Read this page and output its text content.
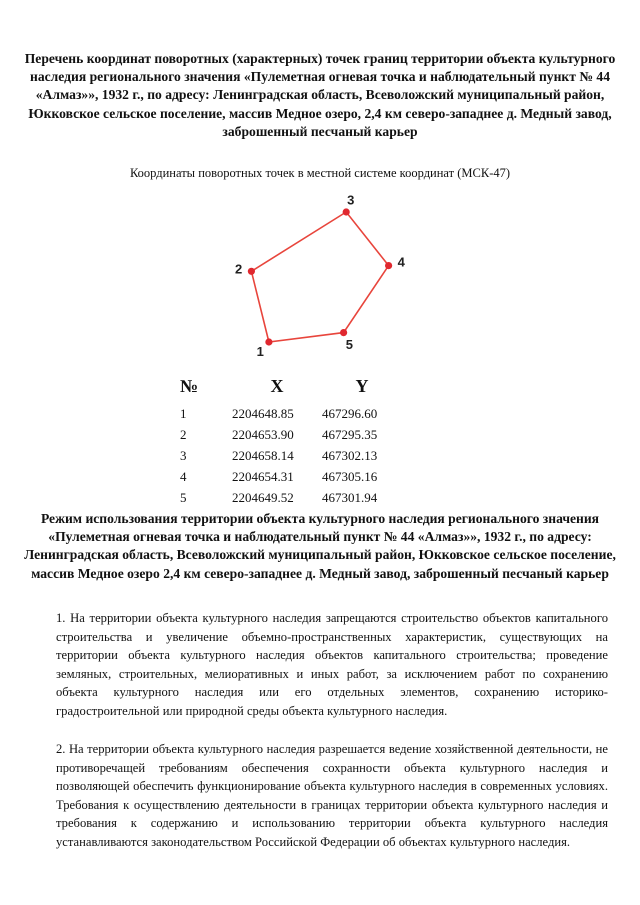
Перечень координат поворотных (характерных) точек границ территории объекта культурного наследия регионального значения «Пулеметная огневая точка и наблюдательный пункт № 44 «Алмаз»», 1932 г., по адресу: Ленинградская область, Всеволожский муниципальный район, Юкковское сельское поселение, массив Медное озеро, 2,4 км северо-западнее д. Медный завод, заброшенный песчаный карьер
Координаты поворотных точек в местной системе координат (МСК-47)
1
2
3
4
5
№	X	Y
1	2204648.85	467296.60
2	2204653.90	467295.35
3	2204658.14	467302.13
4	2204654.31	467305.16
5	2204649.52	467301.94
Режим использования территории объекта культурного наследия регионального значения «Пулеметная огневая точка и наблюдательный пункт № 44 «Алмаз»», 1932 г., по адресу: Ленинградская область, Всеволожский муниципальный район, Юкковское сельское поселение, массив Медное озеро 2,4 км северо-западнее д. Медный завод, заброшенный песчаный карьер

1. На территории объекта культурного наследия запрещаются строительство объектов капитального строительства и увеличение объемно-пространственных характеристик, существующих на территории объекта культурного наследия объектов капитального строительства; проведение земляных, строительных, мелиоративных и иных работ, за исключением работ по сохранению объекта культурного наследия или его отдельных элементов, сохранению историко-градостроительной или природной среды объекта культурного наследия.

2. На территории объекта культурного наследия разрешается ведение хозяйственной деятельности, не противоречащей требованиям обеспечения сохранности объекта культурного наследия и позволяющей обеспечить функционирование объекта культурного наследия в современных условиях. Требования к осуществлению деятельности в границах территории объекта культурного наследия и требования к содержанию и использованию территории объекта культурного наследия устанавливаются законодательством Российской Федерации об объектах культурного наследия.
